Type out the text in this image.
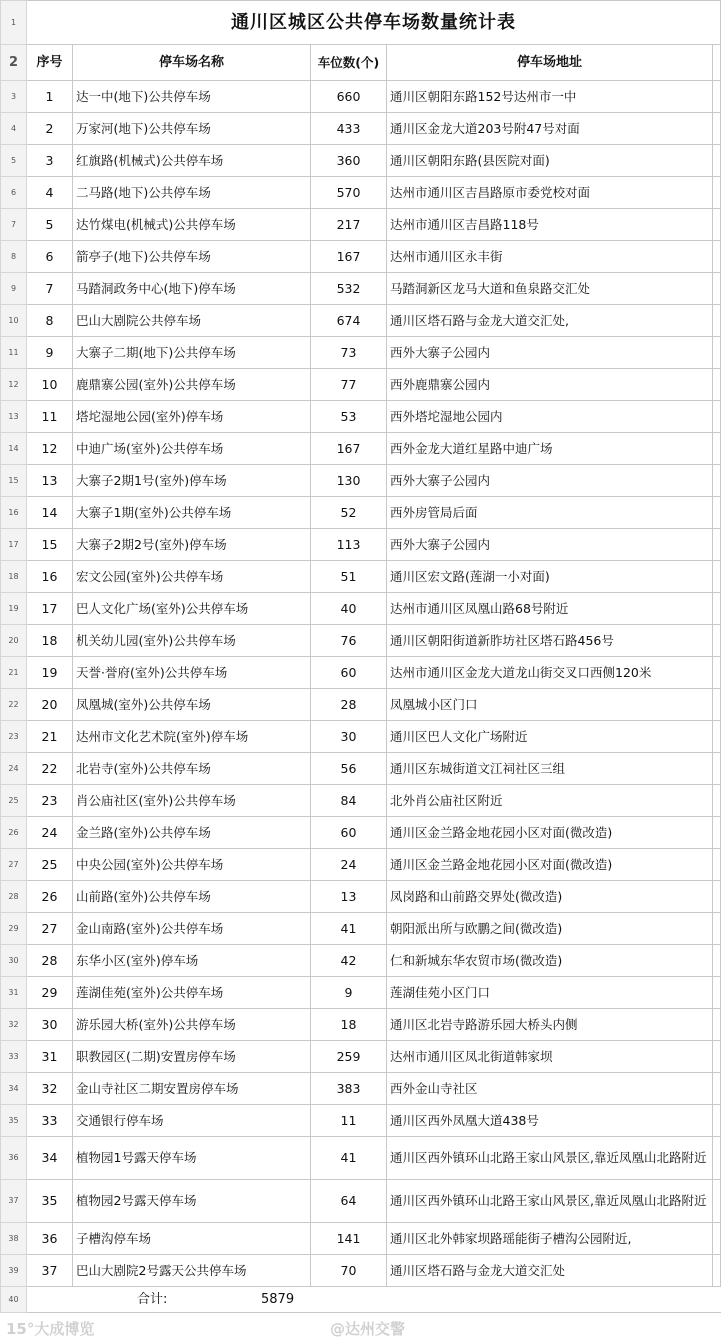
1	通川区城区公共停车场数量统计表				
2	序号	停车场名称	车位数(个)	停车场地址	
3	1	达一中(地下)公共停车场	660	通川区朝阳东路152号达州市一中	
4	2	万家河(地下)公共停车场	433	通川区金龙大道203号附47号对面	
5	3	红旗路(机械式)公共停车场	360	通川区朝阳东路(县医院对面)	
6	4	二马路(地下)公共停车场	570	达州市通川区吉昌路原市委党校对面	
7	5	达竹煤电(机械式)公共停车场	217	达州市通川区吉昌路118号	
8	6	箭亭子(地下)公共停车场	167	达州市通川区永丰街	
9	7	马踏洞政务中心(地下)停车场	532	马踏洞新区龙马大道和鱼泉路交汇处	
10	8	巴山大剧院公共停车场	674	通川区塔石路与金龙大道交汇处,	
11	9	大寨子二期(地下)公共停车场	73	西外大寨子公园内	
12	10	鹿鼎寨公园(室外)公共停车场	77	西外鹿鼎寨公园内	
13	11	塔坨湿地公园(室外)停车场	53	西外塔坨湿地公园内	
14	12	中迪广场(室外)公共停车场	167	西外金龙大道红星路中迪广场	
15	13	大寨子2期1号(室外)停车场	130	西外大寨子公园内	
16	14	大寨子1期(室外)公共停车场	52	西外房管局后面	
17	15	大寨子2期2号(室外)停车场	113	西外大寨子公园内	
18	16	宏文公园(室外)公共停车场	51	通川区宏文路(莲湖一小对面)	
19	17	巴人文化广场(室外)公共停车场	40	达州市通川区凤凰山路68号附近	
20	18	机关幼儿园(室外)公共停车场	76	通川区朝阳街道新胙坊社区塔石路456号	
21	19	天誉·誉府(室外)公共停车场	60	达州市通川区金龙大道龙山街交叉口西侧120米	
22	20	凤凰城(室外)公共停车场	28	凤凰城小区门口	
23	21	达州市文化艺术院(室外)停车场	30	通川区巴人文化广场附近	
24	22	北岩寺(室外)公共停车场	56	通川区东城街道文江祠社区三组	
25	23	肖公庙社区(室外)公共停车场	84	北外肖公庙社区附近	
26	24	金兰路(室外)公共停车场	60	通川区金兰路金地花园小区对面(微改造)	
27	25	中央公园(室外)公共停车场	24	通川区金兰路金地花园小区对面(微改造)	
28	26	山前路(室外)公共停车场	13	凤岗路和山前路交界处(微改造)	
29	27	金山南路(室外)公共停车场	41	朝阳派出所与欧鹏之间(微改造)	
30	28	东华小区(室外)停车场	42	仁和新城东华农贸市场(微改造)	
31	29	莲湖佳苑(室外)公共停车场	9	莲湖佳苑小区门口	
32	30	游乐园大桥(室外)公共停车场	18	通川区北岩寺路游乐园大桥头内侧	
33	31	职教园区(二期)安置房停车场	259	达州市通川区凤北街道韩家坝	
34	32	金山寺社区二期安置房停车场	383	西外金山寺社区	
35	33	交通银行停车场	11	通川区西外凤凰大道438号	
36	34	植物园1号露天停车场	41	通川区西外镇环山北路王家山风景区,靠近凤凰山北路附近	
37	35	植物园2号露天停车场	64	通川区西外镇环山北路王家山风景区,靠近凤凰山北路附近	
38	36	子槽沟停车场	141	通川区北外韩家坝路瑶能街子槽沟公园附近,	
39	37	巴山大剧院2号露天公共停车场	70	通川区塔石路与金龙大道交汇处	
40	合计:		5879		
15°大成博览	@达州交警
